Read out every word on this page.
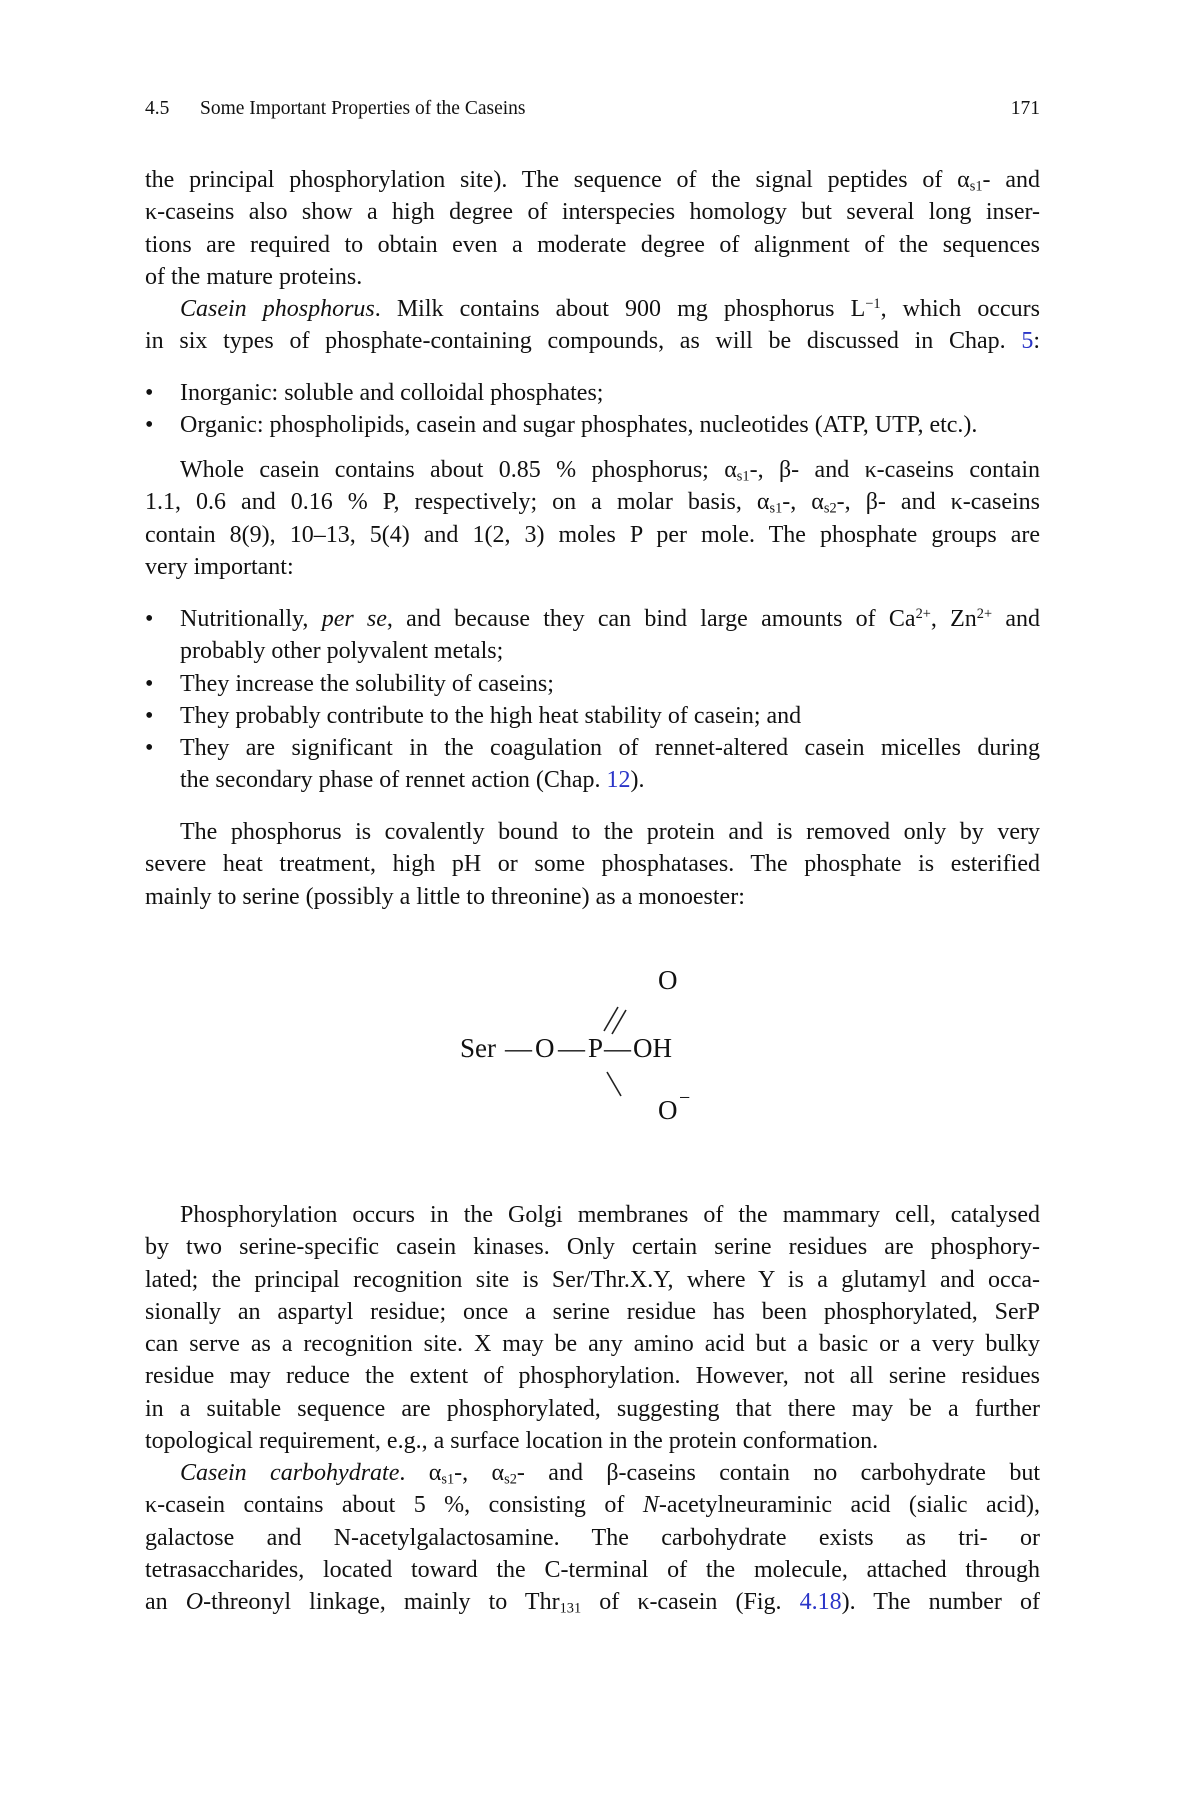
4.5 Some Important Properties of the Caseins	171
the principal phosphorylation site). The sequence of the signal peptides of $\alpha_{s1}-$ and
κ-caseins also show a high degree of interspecies homology but several long inser-
tions are required to obtain even a moderate degree of alignment of the sequences
of the mature proteins.
Casein phosphorus. Milk contains about 900 mg phosphorus $L^{-1}$, which occurs
in six types of phosphate-containing compounds, as will be discussed in Chap. 5:
• Inorganic: soluble and colloidal phosphates;
• Organic: phospholipids, casein and sugar phosphates, nucleotides (ATP, UTP, etc.).
Whole casein contains about 0.85 % phosphorus; $\alpha_{s1}-$, β- and κ-caseins contain
1.1, 0.6 and 0.16 % P, respectively; on a molar basis, $\alpha_{s1}-$, $\alpha_{s2}-$, β- and κ-caseins
contain 8(9), 10–13, 5(4) and 1(2, 3) moles P per mole. The phosphate groups are
very important:
• Nutritionally, per se, and because they can bind large amounts of $Ca^{2+}$, $Zn^{2+}$ and
probably other polyvalent metals;
• They increase the solubility of caseins;
• They probably contribute to the high heat stability of casein; and
• They are significant in the coagulation of rennet-altered casein micelles during
the secondary phase of rennet action (Chap. 12).
The phosphorus is covalently bound to the protein and is removed only by very
severe heat treatment, high pH or some phosphatases. The phosphate is esterified
mainly to serine (possibly a little to threonine) as a monoester:
Ser — O — P — OH
O
O −
Phosphorylation occurs in the Golgi membranes of the mammary cell, catalysed
by two serine-specific casein kinases. Only certain serine residues are phosphory-
lated; the principal recognition site is Ser/Thr.X.Y, where Y is a glutamyl and occa-
sionally an aspartyl residue; once a serine residue has been phosphorylated, SerP
can serve as a recognition site. X may be any amino acid but a basic or a very bulky
residue may reduce the extent of phosphorylation. However, not all serine residues
in a suitable sequence are phosphorylated, suggesting that there may be a further
topological requirement, e.g., a surface location in the protein conformation.
Casein carbohydrate. $\alpha_{s1}-$, $\alpha_{s2}-$ and β-caseins contain no carbohydrate but
κ-casein contains about 5 %, consisting of N-acetylneuraminic acid (sialic acid),
galactose and N-acetylgalactosamine. The carbohydrate exists as tri- or
tetrasaccharides, located toward the C-terminal of the molecule, attached through
an O-threonyl linkage, mainly to Thr$_{131}$ of κ-casein (Fig. 4.18). The number of
